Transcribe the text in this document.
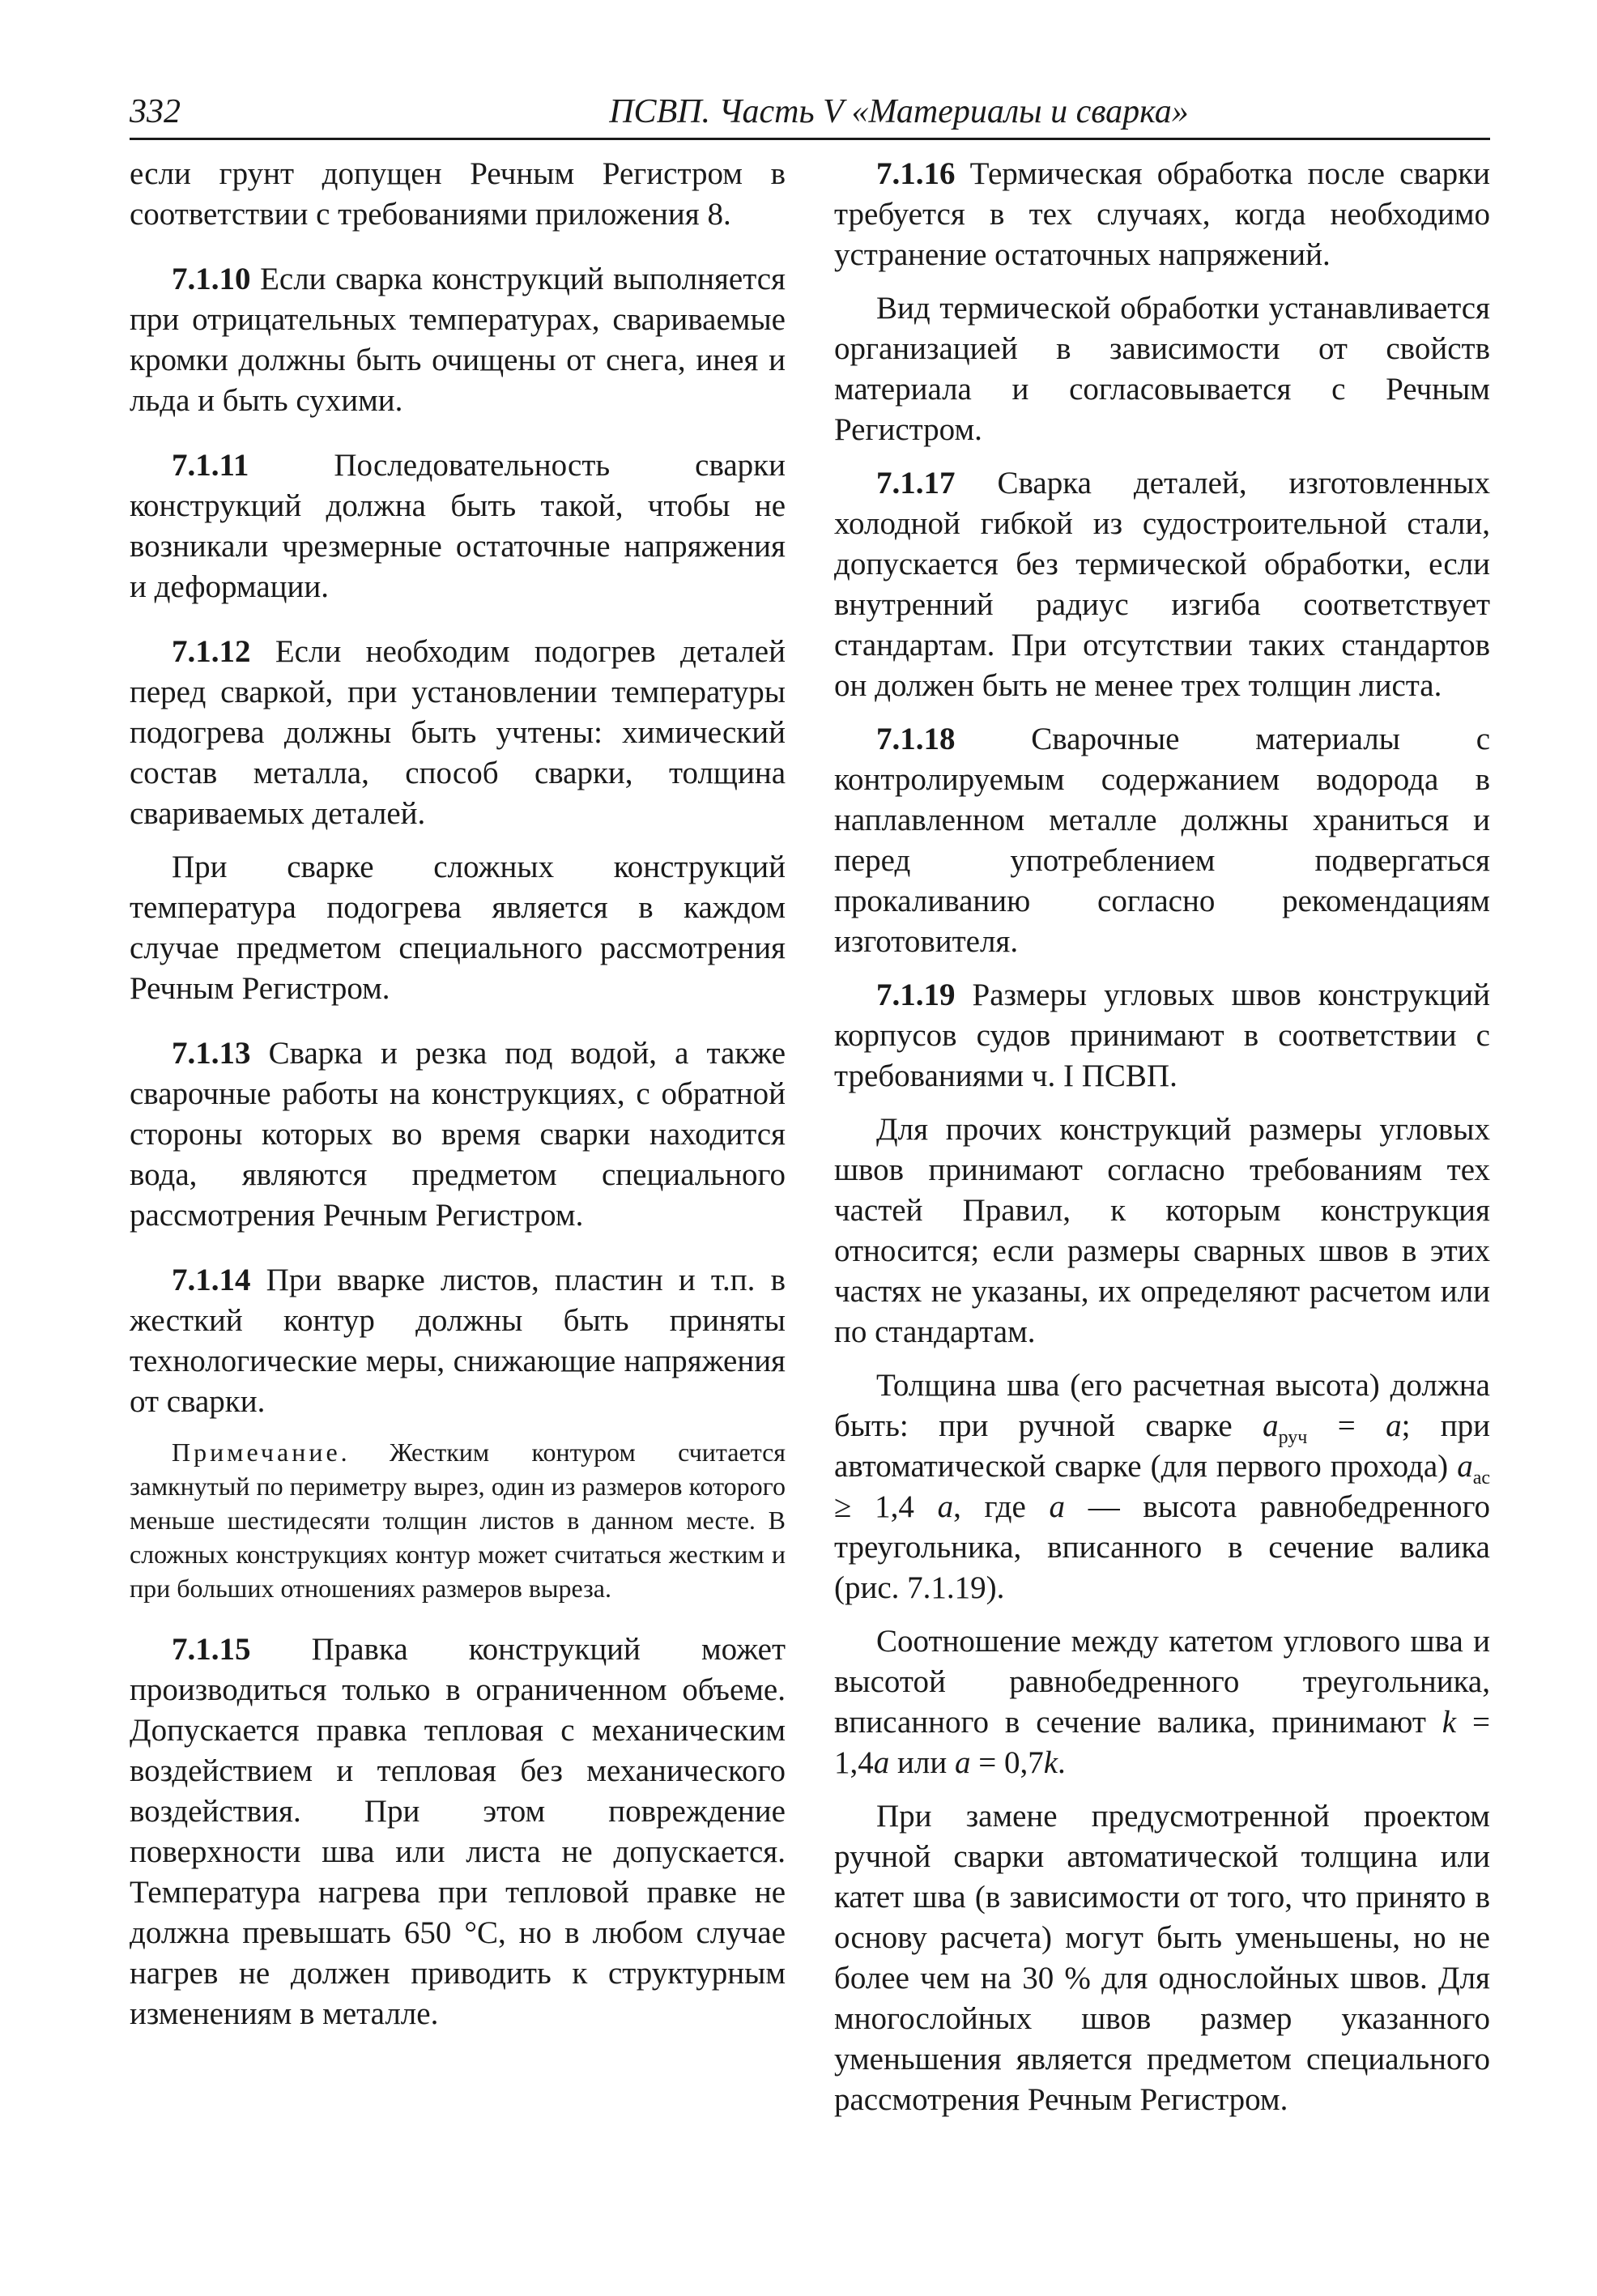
332	ПСВП. Часть V «Материалы и сварка»

если грунт допущен Речным Регистром в соответствии с требованиями приложения 8.

7.1.10 Если сварка конструкций выполняется при отрицательных температурах, свариваемые кромки должны быть очищены от снега, инея и льда и быть сухими.

7.1.11 Последовательность сварки конструкций должна быть такой, чтобы не возникали чрезмерные остаточные напряжения и деформации.

7.1.12 Если необходим подогрев деталей перед сваркой, при установлении температуры подогрева должны быть учтены: химический состав металла, способ сварки, толщина свариваемых деталей.

При сварке сложных конструкций температура подогрева является в каждом случае предметом специального рассмотрения Речным Регистром.

7.1.13 Сварка и резка под водой, а также сварочные работы на конструкциях, с обратной стороны которых во время сварки находится вода, являются предметом специального рассмотрения Речным Регистром.

7.1.14 При вварке листов, пластин и т.п. в жесткий контур должны быть приняты технологические меры, снижающие напряжения от сварки.

Примечание. Жестким контуром считается замкнутый по периметру вырез, один из размеров которого меньше шестидесяти толщин листов в данном месте. В сложных конструкциях контур может считаться жестким и при больших отношениях размеров выреза.

7.1.15 Правка конструкций может производиться только в ограниченном объеме. Допускается правка тепловая с механическим воздействием и тепловая без механического воздействия. При этом повреждение поверхности шва или листа не допускается. Температура нагрева при тепловой правке не должна превышать 650 °С, но в любом случае нагрев не должен приводить к структурным изменениям в металле.

7.1.16 Термическая обработка после сварки требуется в тех случаях, когда необходимо устранение остаточных напряжений.

Вид термической обработки устанавливается организацией в зависимости от свойств материала и согласовывается с Речным Регистром.

7.1.17 Сварка деталей, изготовленных холодной гибкой из судостроительной стали, допускается без термической обработки, если внутренний радиус изгиба соответствует стандартам. При отсутствии таких стандартов он должен быть не менее трех толщин листа.

7.1.18 Сварочные материалы с контролируемым содержанием водорода в наплавленном металле должны храниться и перед употреблением подвергаться прокаливанию согласно рекомендациям изготовителя.

7.1.19 Размеры угловых швов конструкций корпусов судов принимают в соответствии с требованиями ч. I ПСВП.

Для прочих конструкций размеры угловых швов принимают согласно требованиям тех частей Правил, к которым конструкция относится; если размеры сварных швов в этих частях не указаны, их определяют расчетом или по стандартам.

Толщина шва (его расчетная высота) должна быть: при ручной сварке $a_{руч} = a$; при автоматической сварке (для первого прохода) $a_{ас} \ge 1,4$ a, где a — высота равнобедренного треугольника, вписанного в сечение валика (рис. 7.1.19).

Соотношение между катетом углового шва и высотой равнобедренного треугольника, вписанного в сечение валика, принимают k = 1,4a или a = 0,7k.

При замене предусмотренной проектом ручной сварки автоматической толщина или катет шва (в зависимости от того, что принято в основу расчета) могут быть уменьшены, но не более чем на 30 % для однослойных швов. Для многослойных швов размер указанного уменьшения является предметом специального рассмотрения Речным Регистром.
